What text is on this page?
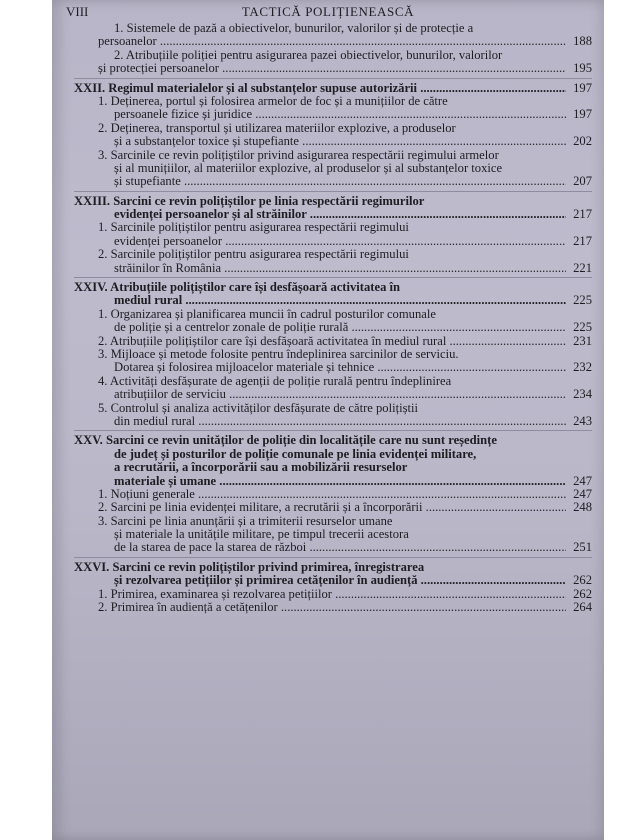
VIII	TACTICĂ POLIȚIENEASCĂ
1. Sistemele de pază a obiectivelor, bunurilor, valorilor și de protecție a
persoanelor .....	188
2. Atribuțiile poliției pentru asigurarea pazei obiectivelor, bunurilor, valorilor
și protecției persoanelor .....	195
XXII. Regimul materialelor și al substanțelor supuse autorizării .....	197
1. Deținerea, portul și folosirea armelor de foc și a munițiilor de către
persoanele fizice și juridice .....	197
2. Deținerea, transportul și utilizarea materiilor explozive, a produselor
și a substanțelor toxice și stupefiante .....	202
3. Sarcinile ce revin polițiștilor privind asigurarea respectării regimului armelor
și al munițiilor, al materiilor explozive, al produselor și al substanțelor toxice
și stupefiante .....	207
XXIII. Sarcini ce revin polițiștilor pe linia respectării regimurilor
evidenței persoanelor și al străinilor .....	217
1. Sarcinile polițiștilor pentru asigurarea respectării regimului
evidenței persoanelor .....	217
2. Sarcinile polițiștilor pentru asigurarea respectării regimului
străinilor în România .....	221
XXIV. Atribuțiile polițiștilor care își desfășoară activitatea în
mediul rural .....	225
1. Organizarea și planificarea muncii în cadrul posturilor comunale
de poliție și a centrelor zonale de poliție rurală .....	225
2. Atribuțiile polițiștilor care își desfășoară activitatea în mediul rural .....	231
3. Mijloace și metode folosite pentru îndeplinirea sarcinilor de serviciu.
Dotarea și folosirea mijloacelor materiale și tehnice .....	232
4. Activități desfășurate de agenții de poliție rurală pentru îndeplinirea
atribuțiilor de serviciu .....	234
5. Controlul și analiza activităților desfășurate de către polițiștii
din mediul rural .....	243
XXV. Sarcini ce revin unităților de poliție din localitățile care nu sunt reședințe
de județ și posturilor de poliție comunale pe linia evidenței militare,
a recrutării, a încorporării sau a mobilizării resurselor
materiale și umane .....	247
1. Noțiuni generale .....	247
2. Sarcini pe linia evidenței militare, a recrutării și a încorporării .....	248
3. Sarcini pe linia anunțării și a trimiterii resurselor umane
și materiale la unitățile militare, pe timpul trecerii acestora
de la starea de pace la starea de război .....	251
XXVI. Sarcini ce revin polițiștilor privind primirea, înregistrarea
și rezolvarea petițiilor și primirea cetățenilor în audiență .....	262
1. Primirea, examinarea și rezolvarea petițiilor .....	262
2. Primirea în audiență a cetățenilor .....	264
